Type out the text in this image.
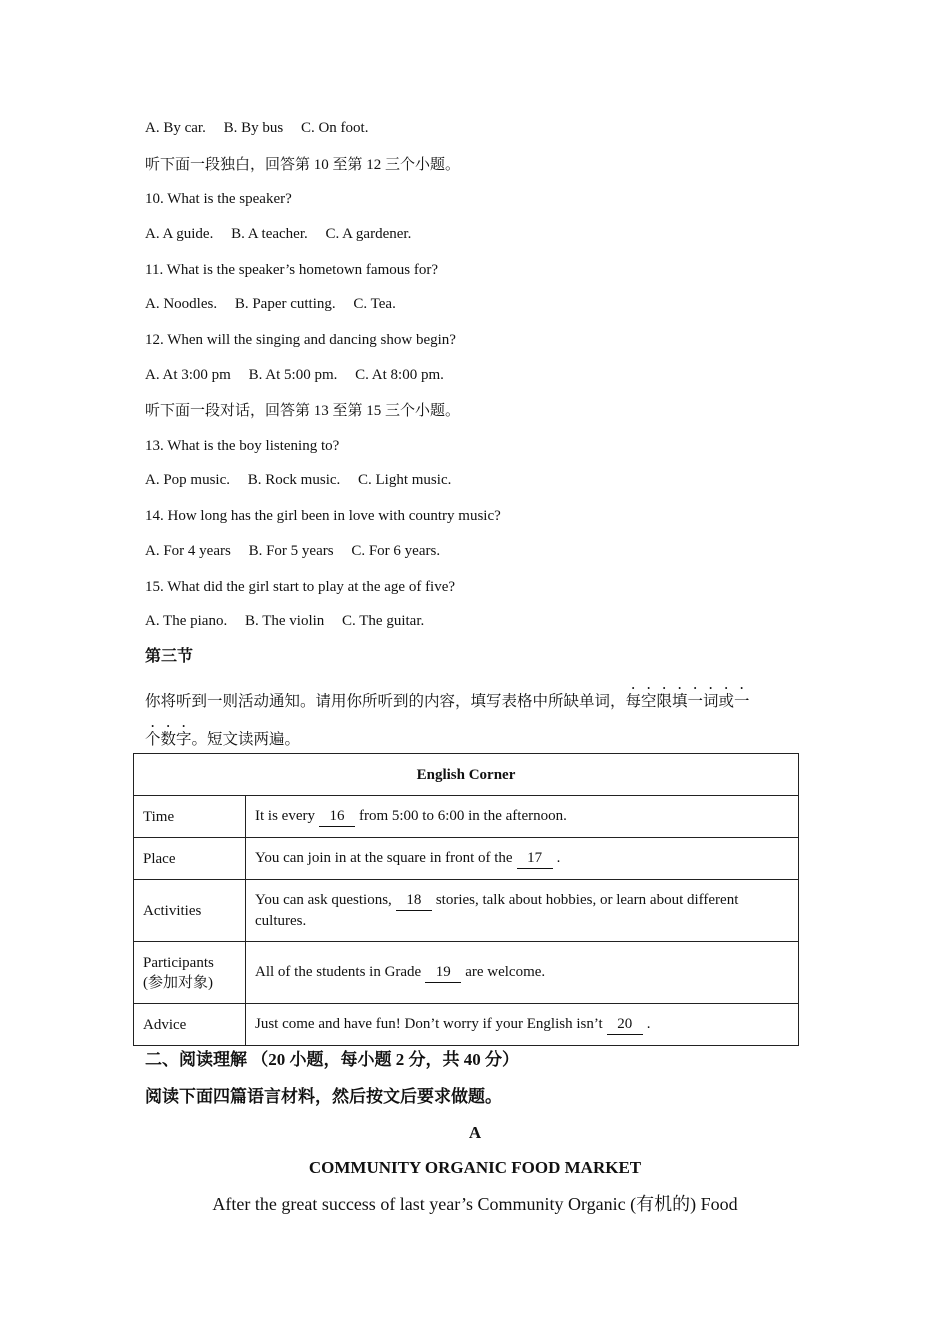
A. By car. B. By bus C. On foot.
听下面一段独白，回答第 10 至第 12 三个小题。
10. What is the speaker?
A. A guide. B. A teacher. C. A gardener.
11. What is the speaker’s hometown famous for?
A. Noodles. B. Paper cutting. C. Tea.
12. When will the singing and dancing show begin?
A. At 3:00 pm B. At 5:00 pm. C. At 8:00 pm.
听下面一段对话，回答第 13 至第 15 三个小题。
13. What is the boy listening to?
A. Pop music. B. Rock music. C. Light music.
14. How long has the girl been in love with country music?
A. For 4 years B. For 5 years C. For 6 years.
15. What did the girl start to play at the age of five?
A. The piano. B. The violin C. The guitar.
第三节
你将听到一则活动通知。请用你所听到的内容，填写表格中所缺单词，每空限填一词或一
个数字。短文读两遍。
English Corner	
Time	It is every 16 from 5:00 to 6:00 in the afternoon.
Place	You can join in at the square in front of the 17 .
Activities	You can ask questions, 18 stories, talk about hobbies, or learn about different cultures.
Participants
(参加对象)	All of the students in Grade 19 are welcome.
Advice	Just come and have fun! Don’t worry if your English isn’t 20 .
二、阅读理解 （20 小题，每小题 2 分，共 40 分）
阅读下面四篇语言材料，然后按文后要求做题。
A
COMMUNITY ORGANIC FOOD MARKET
After the great success of last year’s Community Organic (有机的) Food
